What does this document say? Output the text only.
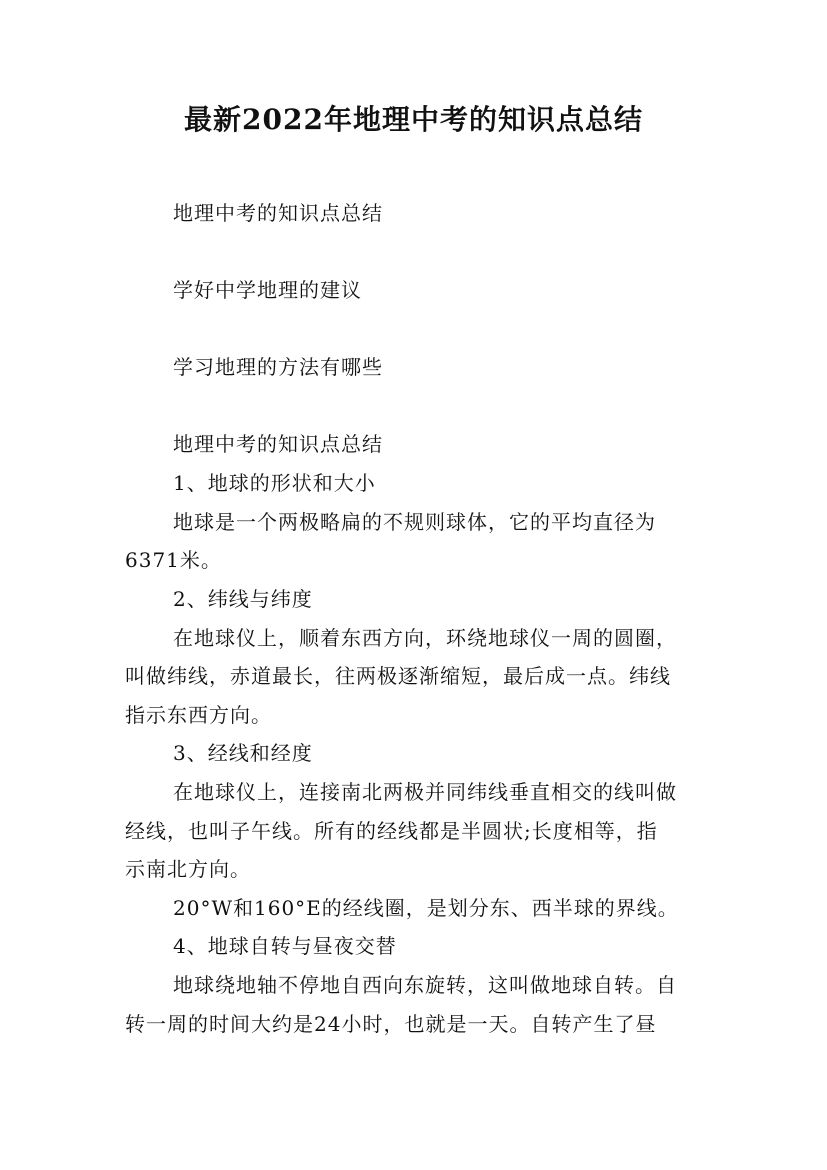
最新2022年地理中考的知识点总结
地理中考的知识点总结
学好中学地理的建议
学习地理的方法有哪些
地理中考的知识点总结
1、地球的形状和大小
地球是一个两极略扁的不规则球体，它的平均直径为
6371米。
2、纬线与纬度
在地球仪上，顺着东西方向，环绕地球仪一周的圆圈，
叫做纬线，赤道最长，往两极逐渐缩短，最后成一点。纬线
指示东西方向。
3、经线和经度
在地球仪上，连接南北两极并同纬线垂直相交的线叫做
经线，也叫子午线。所有的经线都是半圆状;长度相等，指
示南北方向。
20°W和160°E的经线圈，是划分东、西半球的界线。
4、地球自转与昼夜交替
地球绕地轴不停地自西向东旋转，这叫做地球自转。自
转一周的时间大约是24小时，也就是一天。自转产生了昼
